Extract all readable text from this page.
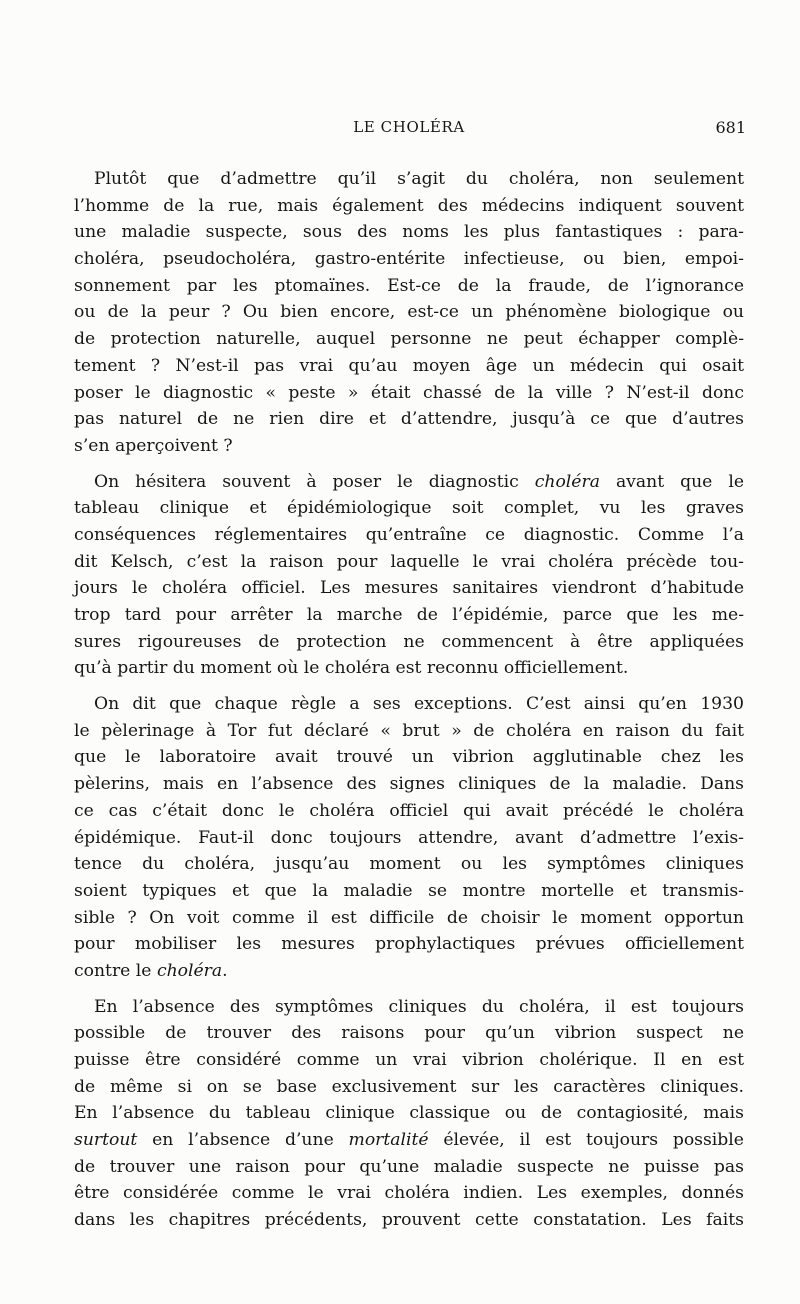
LE CHOLÉRA	681
Plutôt que d’admettre qu’il s’agit du choléra, non seulement
l’homme de la rue, mais également des médecins indiquent souvent
une maladie suspecte, sous des noms les plus fantastiques : para-
choléra, pseudocholéra, gastro-entérite infectieuse, ou bien, empoi-
sonnement par les ptomaïnes. Est-ce de la fraude, de l’ignorance
ou de la peur ? Ou bien encore, est-ce un phénomène biologique ou
de protection naturelle, auquel personne ne peut échapper complè-
tement ? N’est-il pas vrai qu’au moyen âge un médecin qui osait
poser le diagnostic « peste » était chassé de la ville ? N’est-il donc
pas naturel de ne rien dire et d’attendre, jusqu’à ce que d’autres
s’en aperçoivent ?
On hésitera souvent à poser le diagnostic choléra avant que le
tableau clinique et épidémiologique soit complet, vu les graves
conséquences réglementaires qu’entraîne ce diagnostic. Comme l’a
dit Kelsch, c’est la raison pour laquelle le vrai choléra précède tou-
jours le choléra officiel. Les mesures sanitaires viendront d’habitude
trop tard pour arrêter la marche de l’épidémie, parce que les me-
sures rigoureuses de protection ne commencent à être appliquées
qu’à partir du moment où le choléra est reconnu officiellement.
On dit que chaque règle a ses exceptions. C’est ainsi qu’en 1930
le pèlerinage à Tor fut déclaré « brut » de choléra en raison du fait
que le laboratoire avait trouvé un vibrion agglutinable chez les
pèlerins, mais en l’absence des signes cliniques de la maladie. Dans
ce cas c’était donc le choléra officiel qui avait précédé le choléra
épidémique. Faut-il donc toujours attendre, avant d’admettre l’exis-
tence du choléra, jusqu’au moment ou les symptômes cliniques
soient typiques et que la maladie se montre mortelle et transmis-
sible ? On voit comme il est difficile de choisir le moment opportun
pour mobiliser les mesures prophylactiques prévues officiellement
contre le choléra.
En l’absence des symptômes cliniques du choléra, il est toujours
possible de trouver des raisons pour qu’un vibrion suspect ne
puisse être considéré comme un vrai vibrion cholérique. Il en est
de même si on se base exclusivement sur les caractères cliniques.
En l’absence du tableau clinique classique ou de contagiosité, mais
surtout en l’absence d’une mortalité élevée, il est toujours possible
de trouver une raison pour qu’une maladie suspecte ne puisse pas
être considérée comme le vrai choléra indien. Les exemples, donnés
dans les chapitres précédents, prouvent cette constatation. Les faits
